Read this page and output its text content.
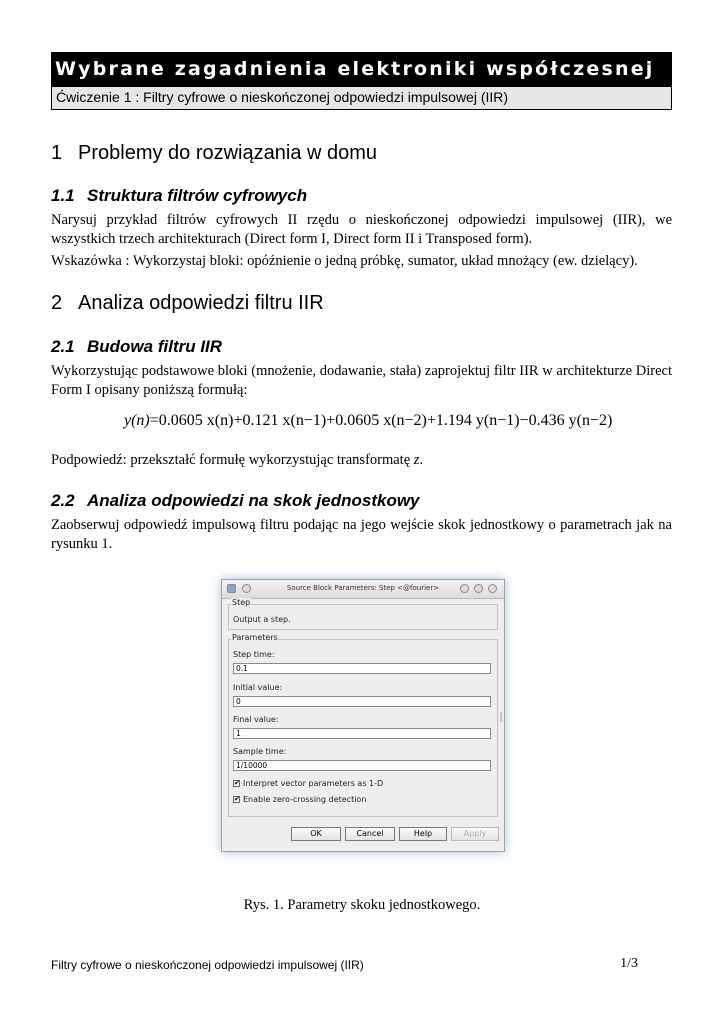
Wybrane zagadnienia elektroniki współczesnej
Ćwiczenie 1 : Filtry cyfrowe o nieskończonej odpowiedzi impulsowej (IIR)
1 Problemy do rozwiązania w domu
1.1 Struktura filtrów cyfrowych
Narysuj przykład filtrów cyfrowych II rzędu o nieskończonej odpowiedzi impulsowej (IIR), we wszystkich trzech architekturach (Direct form I, Direct form II i Transposed form).
Wskazówka : Wykorzystaj bloki: opóźnienie o jedną próbkę, sumator, układ mnożący (ew. dzielący).
2 Analiza odpowiedzi filtru IIR
2.1 Budowa filtru IIR
Wykorzystując podstawowe bloki (mnożenie, dodawanie, stała) zaprojektuj filtr IIR w architekturze Direct Form I opisany poniższą formułą:
y(n)=0.0605 x(n)+0.121 x(n−1)+0.0605 x(n−2)+1.194 y(n−1)−0.436 y(n−2)
Podpowiedź: przekształć formułę wykorzystując transformatę z.
2.2 Analiza odpowiedzi na skok jednostkowy
Zaobserwuj odpowiedź impulsową filtru podając na jego wejście skok jednostkowy o parametrach jak na rysunku 1.
Source Block Parameters: Step <@fourier>
Step
Output a step.
Parameters
Step time:
0.1
Initial value:
0
Final value:
1
Sample time:
1/10000
✔ Interpret vector parameters as 1-D
✔ Enable zero-crossing detection
OK	Cancel	Help	Apply
Rys. 1. Parametry skoku jednostkowego.
Filtry cyfrowe o nieskończonej odpowiedzi impulsowej (IIR)	1/3
